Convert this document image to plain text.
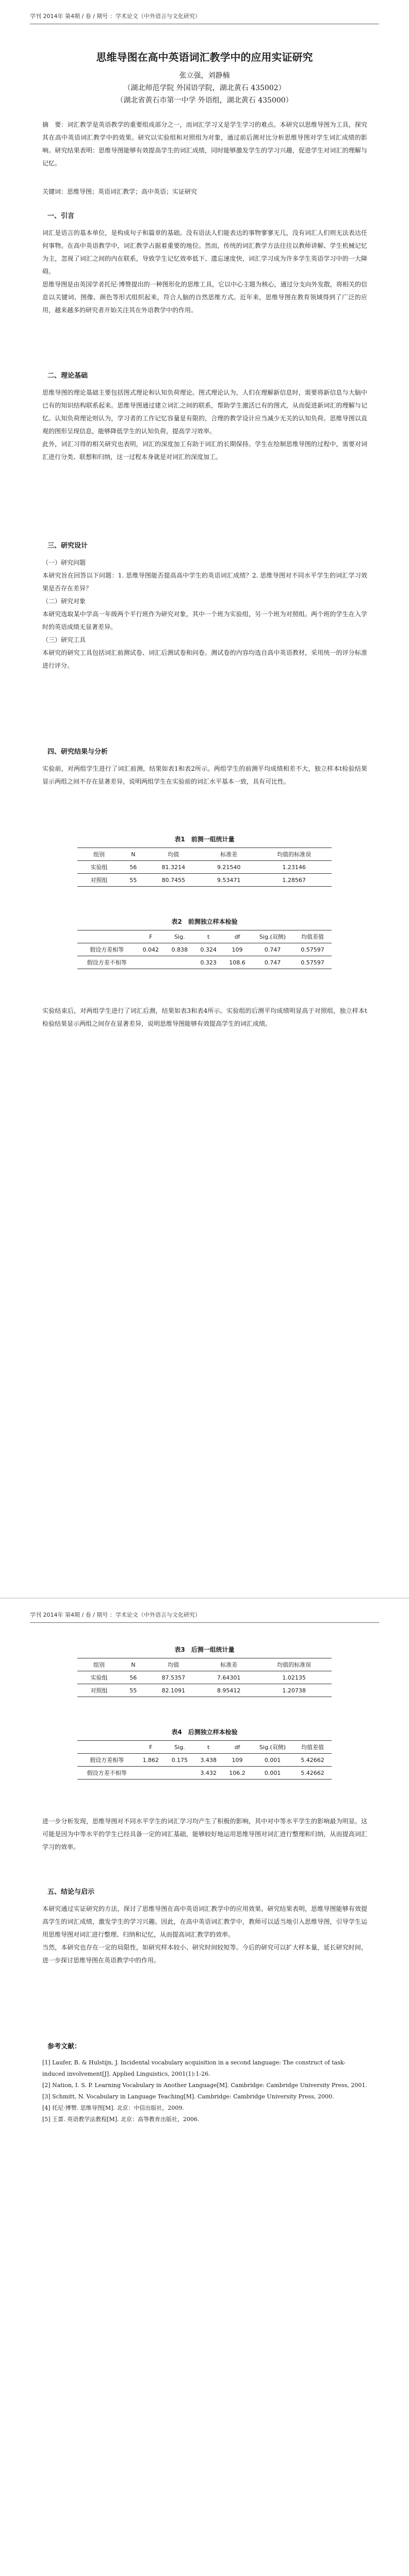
学刊 2014年 第4期 / 卷 / 期号 ：学术论文（中外语言与文化研究）
思维导图在高中英语词汇教学中的应用实证研究
张立强，刘静楠
（湖北师范学院 外国语学院，湖北黄石 435002）
（湖北省黄石市第一中学 外语组，湖北黄石 435000）
摘　要：词汇教学是英语教学的重要组成部分之一，而词汇学习又是学生学习的难点。本研究以思维导图为工具，探究其在高中英语词汇教学中的效果。研究以实验组和对照组为对象，通过前后测对比分析思维导图对学生词汇成绩的影响。研究结果表明：思维导图能够有效提高学生的词汇成绩，同时能够激发学生的学习兴趣，促进学生对词汇的理解与记忆。
关键词：思维导图；英语词汇教学；高中英语；实证研究
一、引言
词汇是语言的基本单位，是构成句子和篇章的基础。没有语法人们能表达的事物寥寥无几，没有词汇人们则无法表达任何事物。在高中英语教学中，词汇教学占据着重要的地位。然而，传统的词汇教学方法往往以教师讲解、学生机械记忆为主，忽视了词汇之间的内在联系，导致学生记忆效率低下、遗忘速度快，词汇学习成为许多学生英语学习中的一大障碍。
思维导图是由英国学者托尼·博赞提出的一种图形化的思维工具，它以中心主题为核心，通过分支向外发散，将相关的信息以关键词、图像、颜色等形式组织起来，符合人脑的自然思维方式。近年来，思维导图在教育领域得到了广泛的应用，越来越多的研究者开始关注其在外语教学中的作用。
二、理论基础
思维导图的理论基础主要包括图式理论和认知负荷理论。图式理论认为，人们在理解新信息时，需要将新信息与大脑中已有的知识结构联系起来。思维导图通过建立词汇之间的联系，帮助学生激活已有的图式，从而促进新词汇的理解与记忆。认知负荷理论则认为，学习者的工作记忆容量是有限的，合理的教学设计应当减少无关的认知负荷。思维导图以直观的图形呈现信息，能够降低学生的认知负荷，提高学习效率。
此外，词汇习得的相关研究也表明，词汇的深度加工有助于词汇的长期保持。学生在绘制思维导图的过程中，需要对词汇进行分类、联想和归纳，这一过程本身就是对词汇的深度加工。
三、研究设计
（一）研究问题
本研究旨在回答以下问题：1. 思维导图能否提高高中学生的英语词汇成绩？2. 思维导图对不同水平学生的词汇学习效果是否存在差异？
（二）研究对象
本研究选取某中学高一年级两个平行班作为研究对象，其中一个班为实验组，另一个班为对照组。两个班的学生在入学时的英语成绩无显著差异。
（三）研究工具
本研究的研究工具包括词汇前测试卷、词汇后测试卷和问卷。测试卷的内容均选自高中英语教材，采用统一的评分标准进行评分。
四、研究结果与分析
实验前，对两组学生进行了词汇前测，结果如表1和表2所示。两组学生的前测平均成绩相差不大，独立样本t检验结果显示两组之间不存在显著差异，说明两组学生在实验前的词汇水平基本一致，具有可比性。
表1　前测一组统计量
组别	N	均值	标准差	均值的标准误
实验组	56	81.3214	9.21540	1.23146
对照组	55	80.7455	9.53471	1.28567
表2　前测独立样本检验
	F	Sig.	t	df	Sig.(双侧)	均值差值
假设方差相等	0.042	0.838	0.324	109	0.747	0.57597
假设方差不相等			0.323	108.6	0.747	0.57597
实验结束后，对两组学生进行了词汇后测，结果如表3和表4所示。实验组的后测平均成绩明显高于对照组，独立样本t检验结果显示两组之间存在显著差异，说明思维导图能够有效提高学生的词汇成绩。
学刊 2014年 第4期 / 卷 / 期号 ：学术论文（中外语言与文化研究）
表3　后测一组统计量
组别	N	均值	标准差	均值的标准误
实验组	56	87.5357	7.64301	1.02135
对照组	55	82.1091	8.95412	1.20738
表4　后测独立样本检验
	F	Sig.	t	df	Sig.(双侧)	均值差值
假设方差相等	1.862	0.175	3.438	109	0.001	5.42662
假设方差不相等			3.432	106.2	0.001	5.42662
进一步分析发现，思维导图对不同水平学生的词汇学习均产生了积极的影响，其中对中等水平学生的影响最为明显。这可能是因为中等水平的学生已经具备一定的词汇基础，能够较好地运用思维导图对词汇进行整理和归纳，从而提高词汇学习的效率。
五、结论与启示
本研究通过实证研究的方法，探讨了思维导图在高中英语词汇教学中的应用效果。研究结果表明，思维导图能够有效提高学生的词汇成绩，激发学生的学习兴趣。因此，在高中英语词汇教学中，教师可以适当地引入思维导图，引导学生运用思维导图对词汇进行整理、归纳和记忆，从而提高词汇教学的效率。
当然，本研究也存在一定的局限性，如研究样本较小、研究时间较短等。今后的研究可以扩大样本量，延长研究时间，进一步探讨思维导图在英语教学中的作用。
参考文献：
[1] Laufer, B. & Hulstijn, J. Incidental vocabulary acquisition in a second language: The construct of task-induced involvement[J]. Applied Linguistics, 2001(1):1-26.
[2] Nation, I. S. P. Learning Vocabulary in Another Language[M]. Cambridge: Cambridge University Press, 2001.
[3] Schmitt, N. Vocabulary in Language Teaching[M]. Cambridge: Cambridge University Press, 2000.
[4] 托尼·博赞. 思维导图[M]. 北京：中信出版社，2009.
[5] 王蔷. 英语教学法教程[M]. 北京：高等教育出版社，2006.
